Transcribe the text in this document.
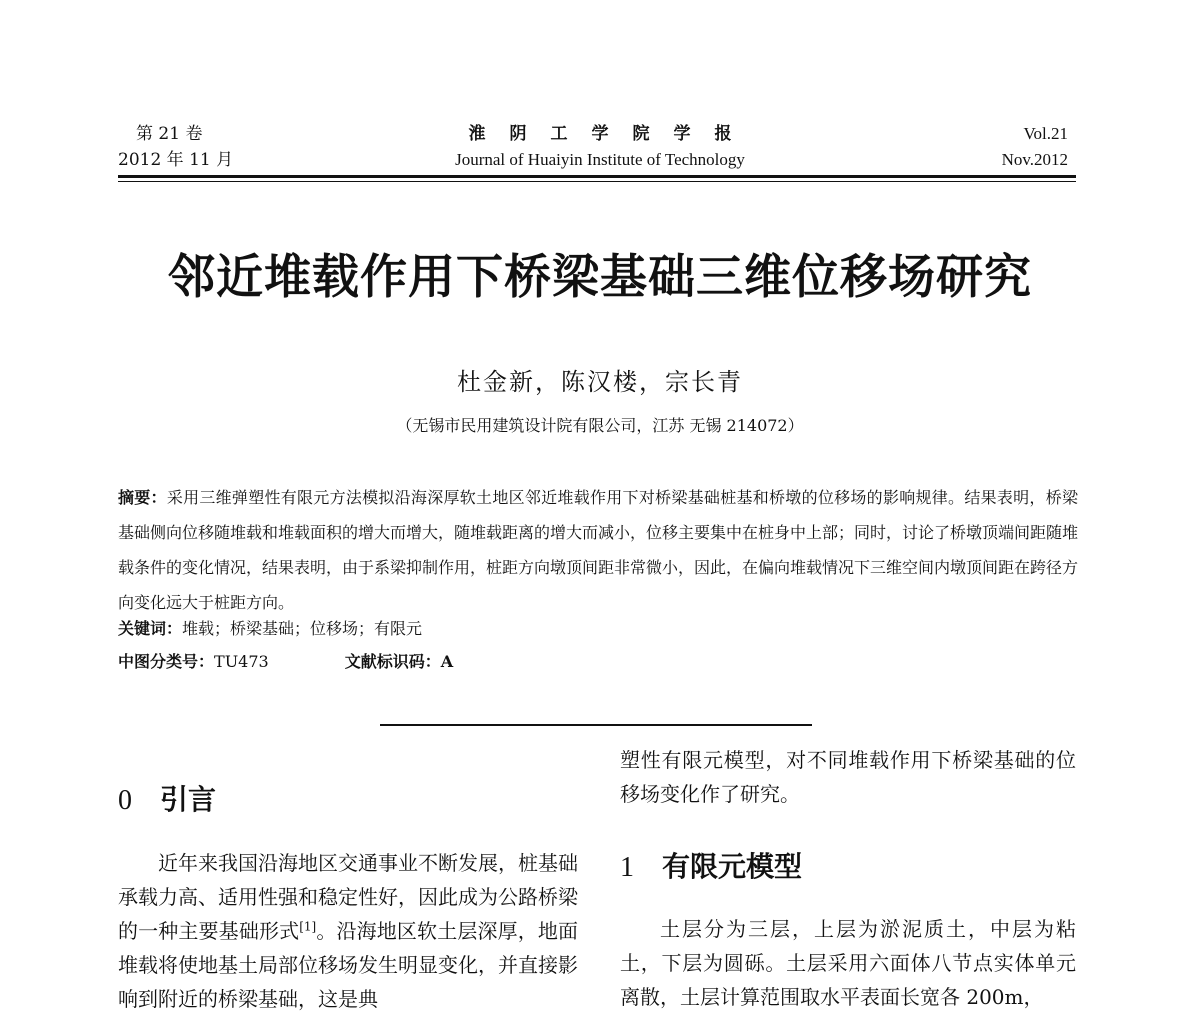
第 21 卷
2012 年 11 月
淮阴工学院学报
Journal of Huaiyin Institute of Technology
Vol.21
Nov.2012
邻近堆载作用下桥梁基础三维位移场研究
杜金新，陈汉楼，宗长青
（无锡市民用建筑设计院有限公司，江苏 无锡 214072）
摘要：采用三维弹塑性有限元方法模拟沿海深厚软土地区邻近堆载作用下对桥梁基础桩基和桥墩的位移场的影响规律。结果表明，桥梁基础侧向位移随堆载和堆载面积的增大而增大，随堆载距离的增大而减小，位移主要集中在桩身中上部；同时，讨论了桥墩顶端间距随堆载条件的变化情况，结果表明，由于系梁抑制作用，桩距方向墩顶间距非常微小，因此，在偏向堆载情况下三维空间内墩顶间距在跨径方向变化远大于桩距方向。
关键词：堆载；桥梁基础；位移场；有限元
中图分类号：TU473	文献标识码：A
0 引言
近年来我国沿海地区交通事业不断发展，桩基础承载力高、适用性强和稳定性好，因此成为公路桥梁的一种主要基础形式[1]。沿海地区软土层深厚，地面堆载将使地基土局部位移场发生明显变化，并直接影响到附近的桥梁基础，这是典
塑性有限元模型，对不同堆载作用下桥梁基础的位移场变化作了研究。
1 有限元模型
土层分为三层，上层为淤泥质土，中层为粘土，下层为圆砾。土层采用六面体八节点实体单元离散，土层计算范围取水平表面长宽各 200m，
